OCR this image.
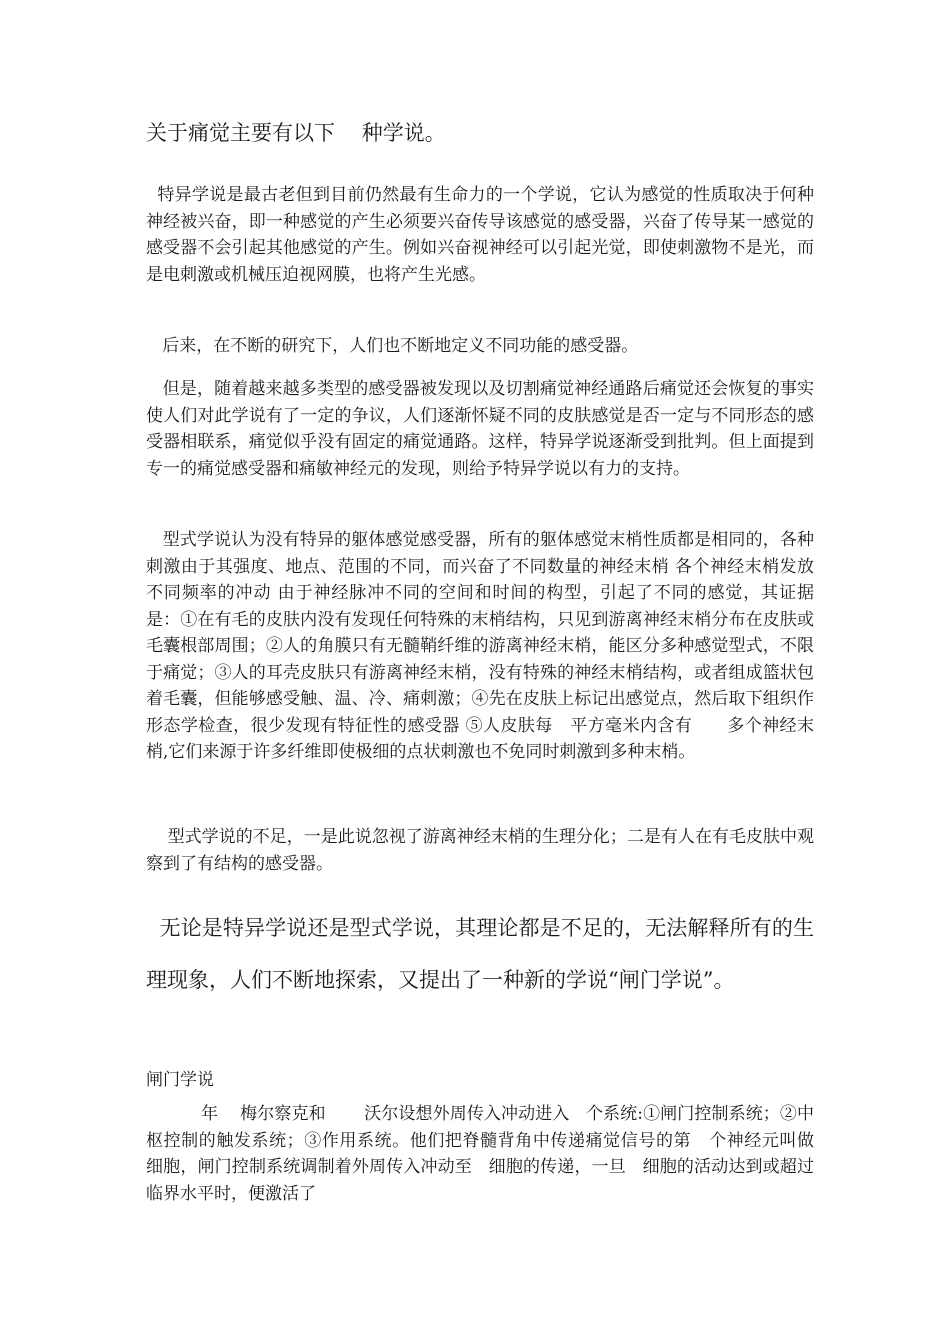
关于痛觉主要有以下    种学说。

特异学说是最古老但到目前仍然最有生命力的一个学说，它认为感觉的性质取决于何种神经被兴奋，即一种感觉的产生必须要兴奋传导该感觉的感受器，兴奋了传导某一感觉的感受器不会引起其他感觉的产生。例如兴奋视神经可以引起光觉，即使刺激物不是光，而是电刺激或机械压迫视网膜，也将产生光感。

后来，在不断的研究下，人们也不断地定义不同功能的感受器。

但是，随着越来越多类型的感受器被发现以及切割痛觉神经通路后痛觉还会恢复的事实使人们对此学说有了一定的争议，人们逐渐怀疑不同的皮肤感觉是否一定与不同形态的感受器相联系，痛觉似乎没有固定的痛觉通路。这样，特异学说逐渐受到批判。但上面提到专一的痛觉感受器和痛敏神经元的发现，则给予特异学说以有力的支持。

型式学说认为没有特异的躯体感觉感受器，所有的躯体感觉末梢性质都是相同的，各种刺激由于其强度、地点、范围的不同，而兴奋了不同数量的神经末梢 各个神经末梢发放不同频率的冲动 由于神经脉冲不同的空间和时间的构型，引起了不同的感觉，其证据是：①在有毛的皮肤内没有发现任何特殊的末梢结构，只见到游离神经末梢分布在皮肤或毛囊根部周围；②人的角膜只有无髓鞘纤维的游离神经末梢，能区分多种感觉型式，不限于痛觉；③人的耳壳皮肤只有游离神经末梢，没有特殊的神经末梢结构，或者组成篮状包着毛囊，但能够感受触、温、冷、痛刺激；④先在皮肤上标记出感觉点，然后取下组织作形态学检查，很少发现有特征性的感受器 ⑤人皮肤每   平方毫米内含有      多个神经末梢,它们来源于许多纤维即使极细的点状刺激也不免同时刺激到多种末梢。

型式学说的不足，一是此说忽视了游离神经末梢的生理分化；二是有人在有毛皮肤中观察到了有结构的感受器。

无论是特异学说还是型式学说，其理论都是不足的，无法解释所有的生理现象，人们不断地探索，又提出了一种新的学说“闸门学说”。

闸门学说

年    梅尔察克和       沃尔设想外周传入冲动进入   个系统:①闸门控制系统；②中枢控制的触发系统；③作用系统。他们把脊髓背角中传递痛觉信号的第   个神经元叫做   细胞，闸门控制系统调制着外周传入冲动至   细胞的传递，一旦   细胞的活动达到或超过临界水平时，便激活了
